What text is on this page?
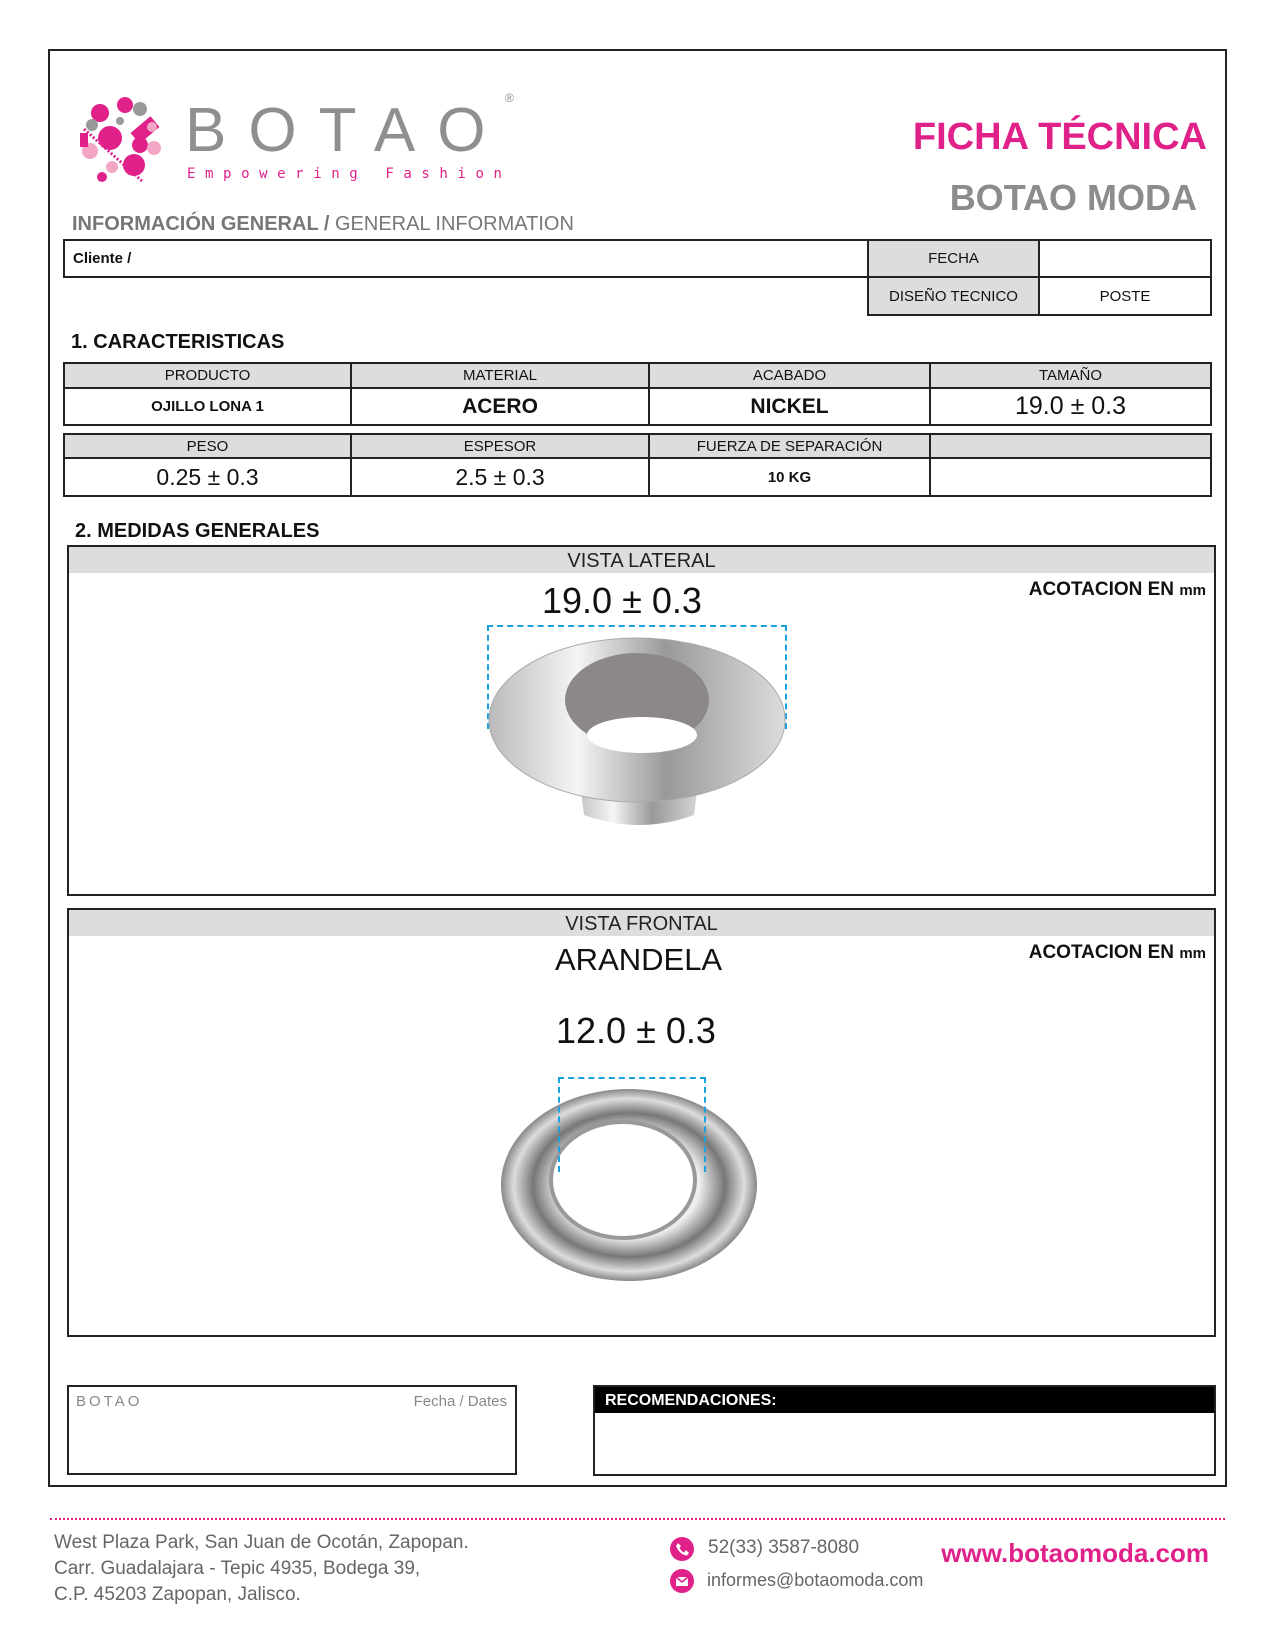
BOTAO
®
Empowering Fashion
FICHA TÉCNICA
BOTAO MODA
INFORMACIÓN GENERAL / GENERAL INFORMATION
Cliente /	FECHA
DISEÑO TECNICO	POSTE
1. CARACTERISTICAS
PRODUCTO	MATERIAL	ACABADO	TAMAÑO
OJILLO LONA 1	ACERO	NICKEL	19.0 ± 0.3
PESO	ESPESOR	FUERZA DE SEPARACIÓN
0.25 ± 0.3	2.5 ± 0.3	10 KG
2. MEDIDAS GENERALES
VISTA LATERAL
ACOTACION EN mm
19.0 ± 0.3
VISTA FRONTAL
ACOTACION EN mm
ARANDELA
12.0 ± 0.3
BOTAO	Fecha / Dates	RECOMENDACIONES:
West Plaza Park, San Juan de Ocotán, Zapopan.
Carr. Guadalajara - Tepic 4935, Bodega 39,
C.P. 45203 Zapopan, Jalisco.
52(33) 3587-8080
informes@botaomoda.com
www.botaomoda.com
